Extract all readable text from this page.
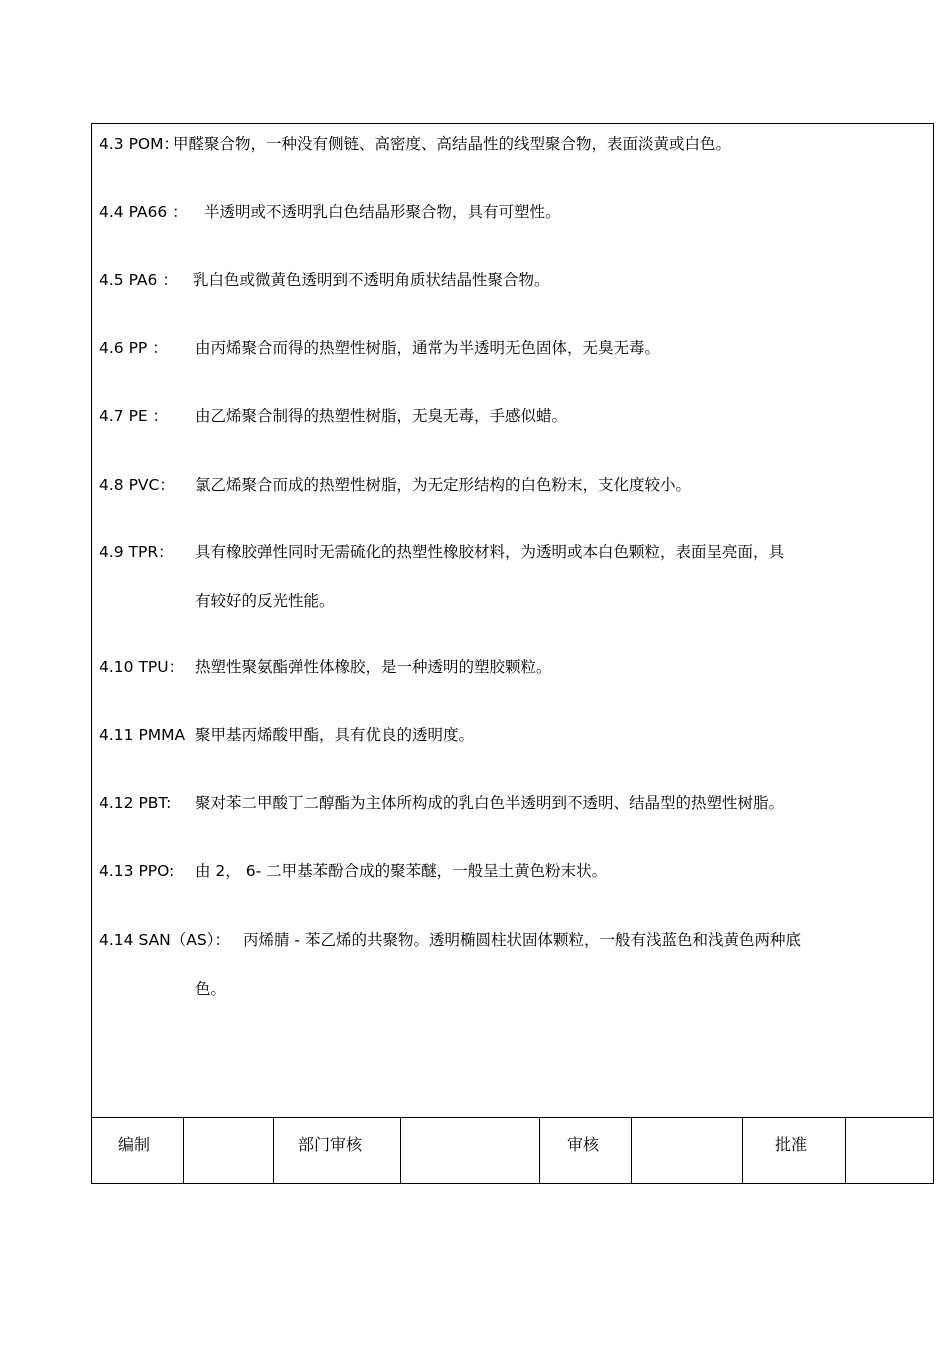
4.3 POM：
甲醛聚合物，一种没有侧链、高密度、高结晶性的线型聚合物，表面淡黄或白色。
4.4 PA66 ： 半透明或不透明乳白色结晶形聚合物，具有可塑性。
4.5 PA6 ： 乳白色或微黄色透明到不透明角质状结晶性聚合物。
4.6 PP ： 由丙烯聚合而得的热塑性树脂，通常为半透明无色固体，无臭无毒。
4.7 PE ： 由乙烯聚合制得的热塑性树脂，无臭无毒，手感似蜡。
4.8 PVC： 氯乙烯聚合而成的热塑性树脂，为无定形结构的白色粉末，支化度较小。
4.9 TPR： 具有橡胶弹性同时无需硫化的热塑性橡胶材料，为透明或本白色颗粒，表面呈亮面，具
有较好的反光性能。
4.10 TPU： 热塑性聚氨酯弹性体橡胶，是一种透明的塑胶颗粒。
4.11 PMMA 聚甲基丙烯酸甲酯，具有优良的透明度。
4.12 PBT: 聚对苯二甲酸丁二醇酯为主体所构成的乳白色半透明到不透明、结晶型的热塑性树脂。
4.13 PPO: 由 2， 6- 二甲基苯酚合成的聚苯醚，一般呈土黄色粉末状。
4.14 SAN（AS）： 丙烯腈 - 苯乙烯的共聚物。透明椭圆柱状固体颗粒，一般有浅蓝色和浅黄色两种底
色。
编制	部门审核	审核	批准
